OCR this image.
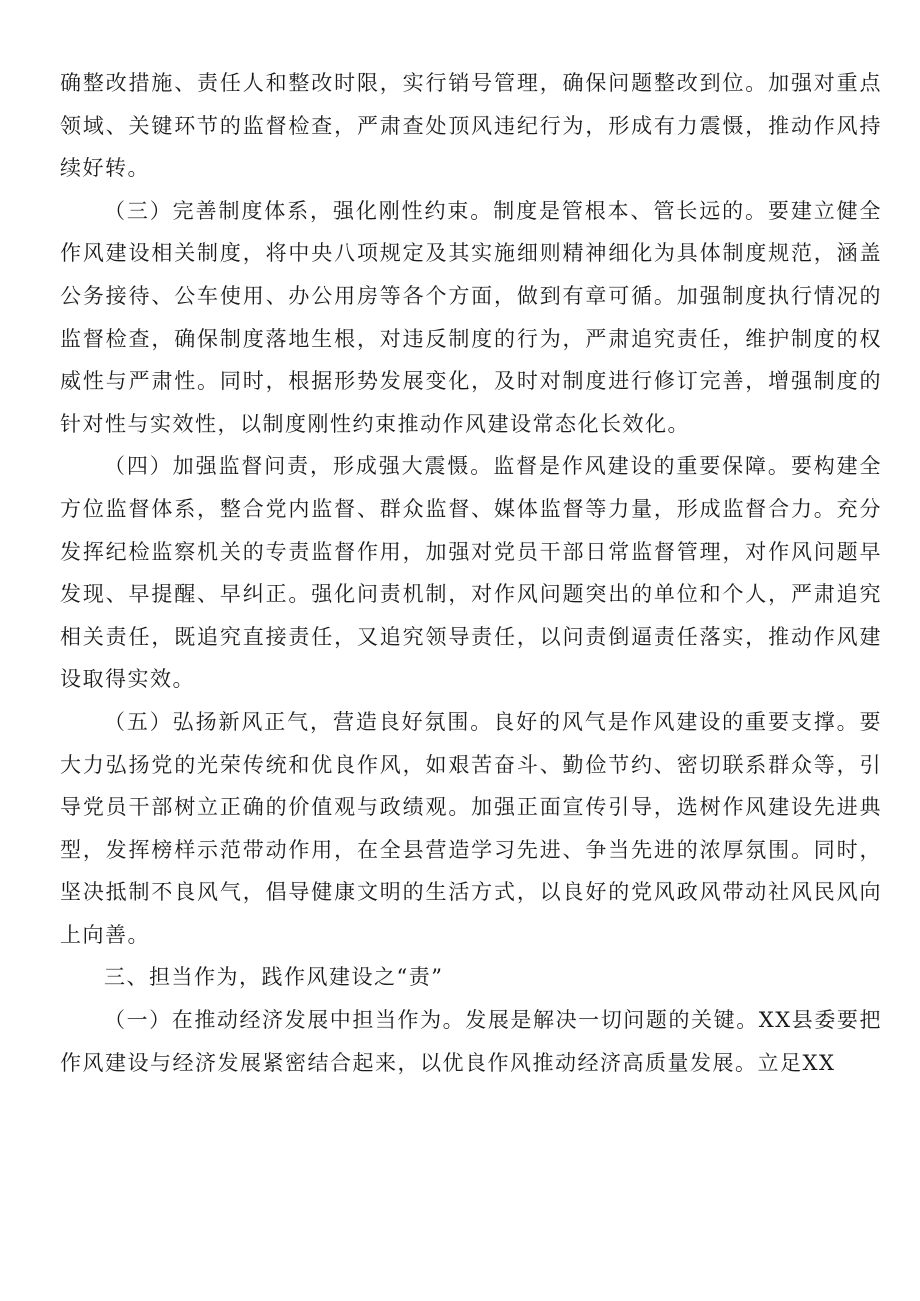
确整改措施、责任人和整改时限，实行销号管理，确保问题整改到位。加强对重点领域、关键环节的监督检查，严肃查处顶风违纪行为，形成有力震慑，推动作风持续好转。

（三）完善制度体系，强化刚性约束。制度是管根本、管长远的。要建立健全作风建设相关制度，将中央八项规定及其实施细则精神细化为具体制度规范，涵盖公务接待、公车使用、办公用房等各个方面，做到有章可循。加强制度执行情况的监督检查，确保制度落地生根，对违反制度的行为，严肃追究责任，维护制度的权威性与严肃性。同时，根据形势发展变化，及时对制度进行修订完善，增强制度的针对性与实效性，以制度刚性约束推动作风建设常态化长效化。

（四）加强监督问责，形成强大震慑。监督是作风建设的重要保障。要构建全方位监督体系，整合党内监督、群众监督、媒体监督等力量，形成监督合力。充分发挥纪检监察机关的专责监督作用，加强对党员干部日常监督管理，对作风问题早发现、早提醒、早纠正。强化问责机制，对作风问题突出的单位和个人，严肃追究相关责任，既追究直接责任，又追究领导责任，以问责倒逼责任落实，推动作风建设取得实效。

（五）弘扬新风正气，营造良好氛围。良好的风气是作风建设的重要支撑。要大力弘扬党的光荣传统和优良作风，如艰苦奋斗、勤俭节约、密切联系群众等，引导党员干部树立正确的价值观与政绩观。加强正面宣传引导，选树作风建设先进典型，发挥榜样示范带动作用，在全县营造学习先进、争当先进的浓厚氛围。同时，坚决抵制不良风气，倡导健康文明的生活方式，以良好的党风政风带动社风民风向上向善。

三、担当作为，践作风建设之“责”

（一）在推动经济发展中担当作为。发展是解决一切问题的关键。XX县委要把作风建设与经济发展紧密结合起来，以优良作风推动经济高质量发展。立足XX
